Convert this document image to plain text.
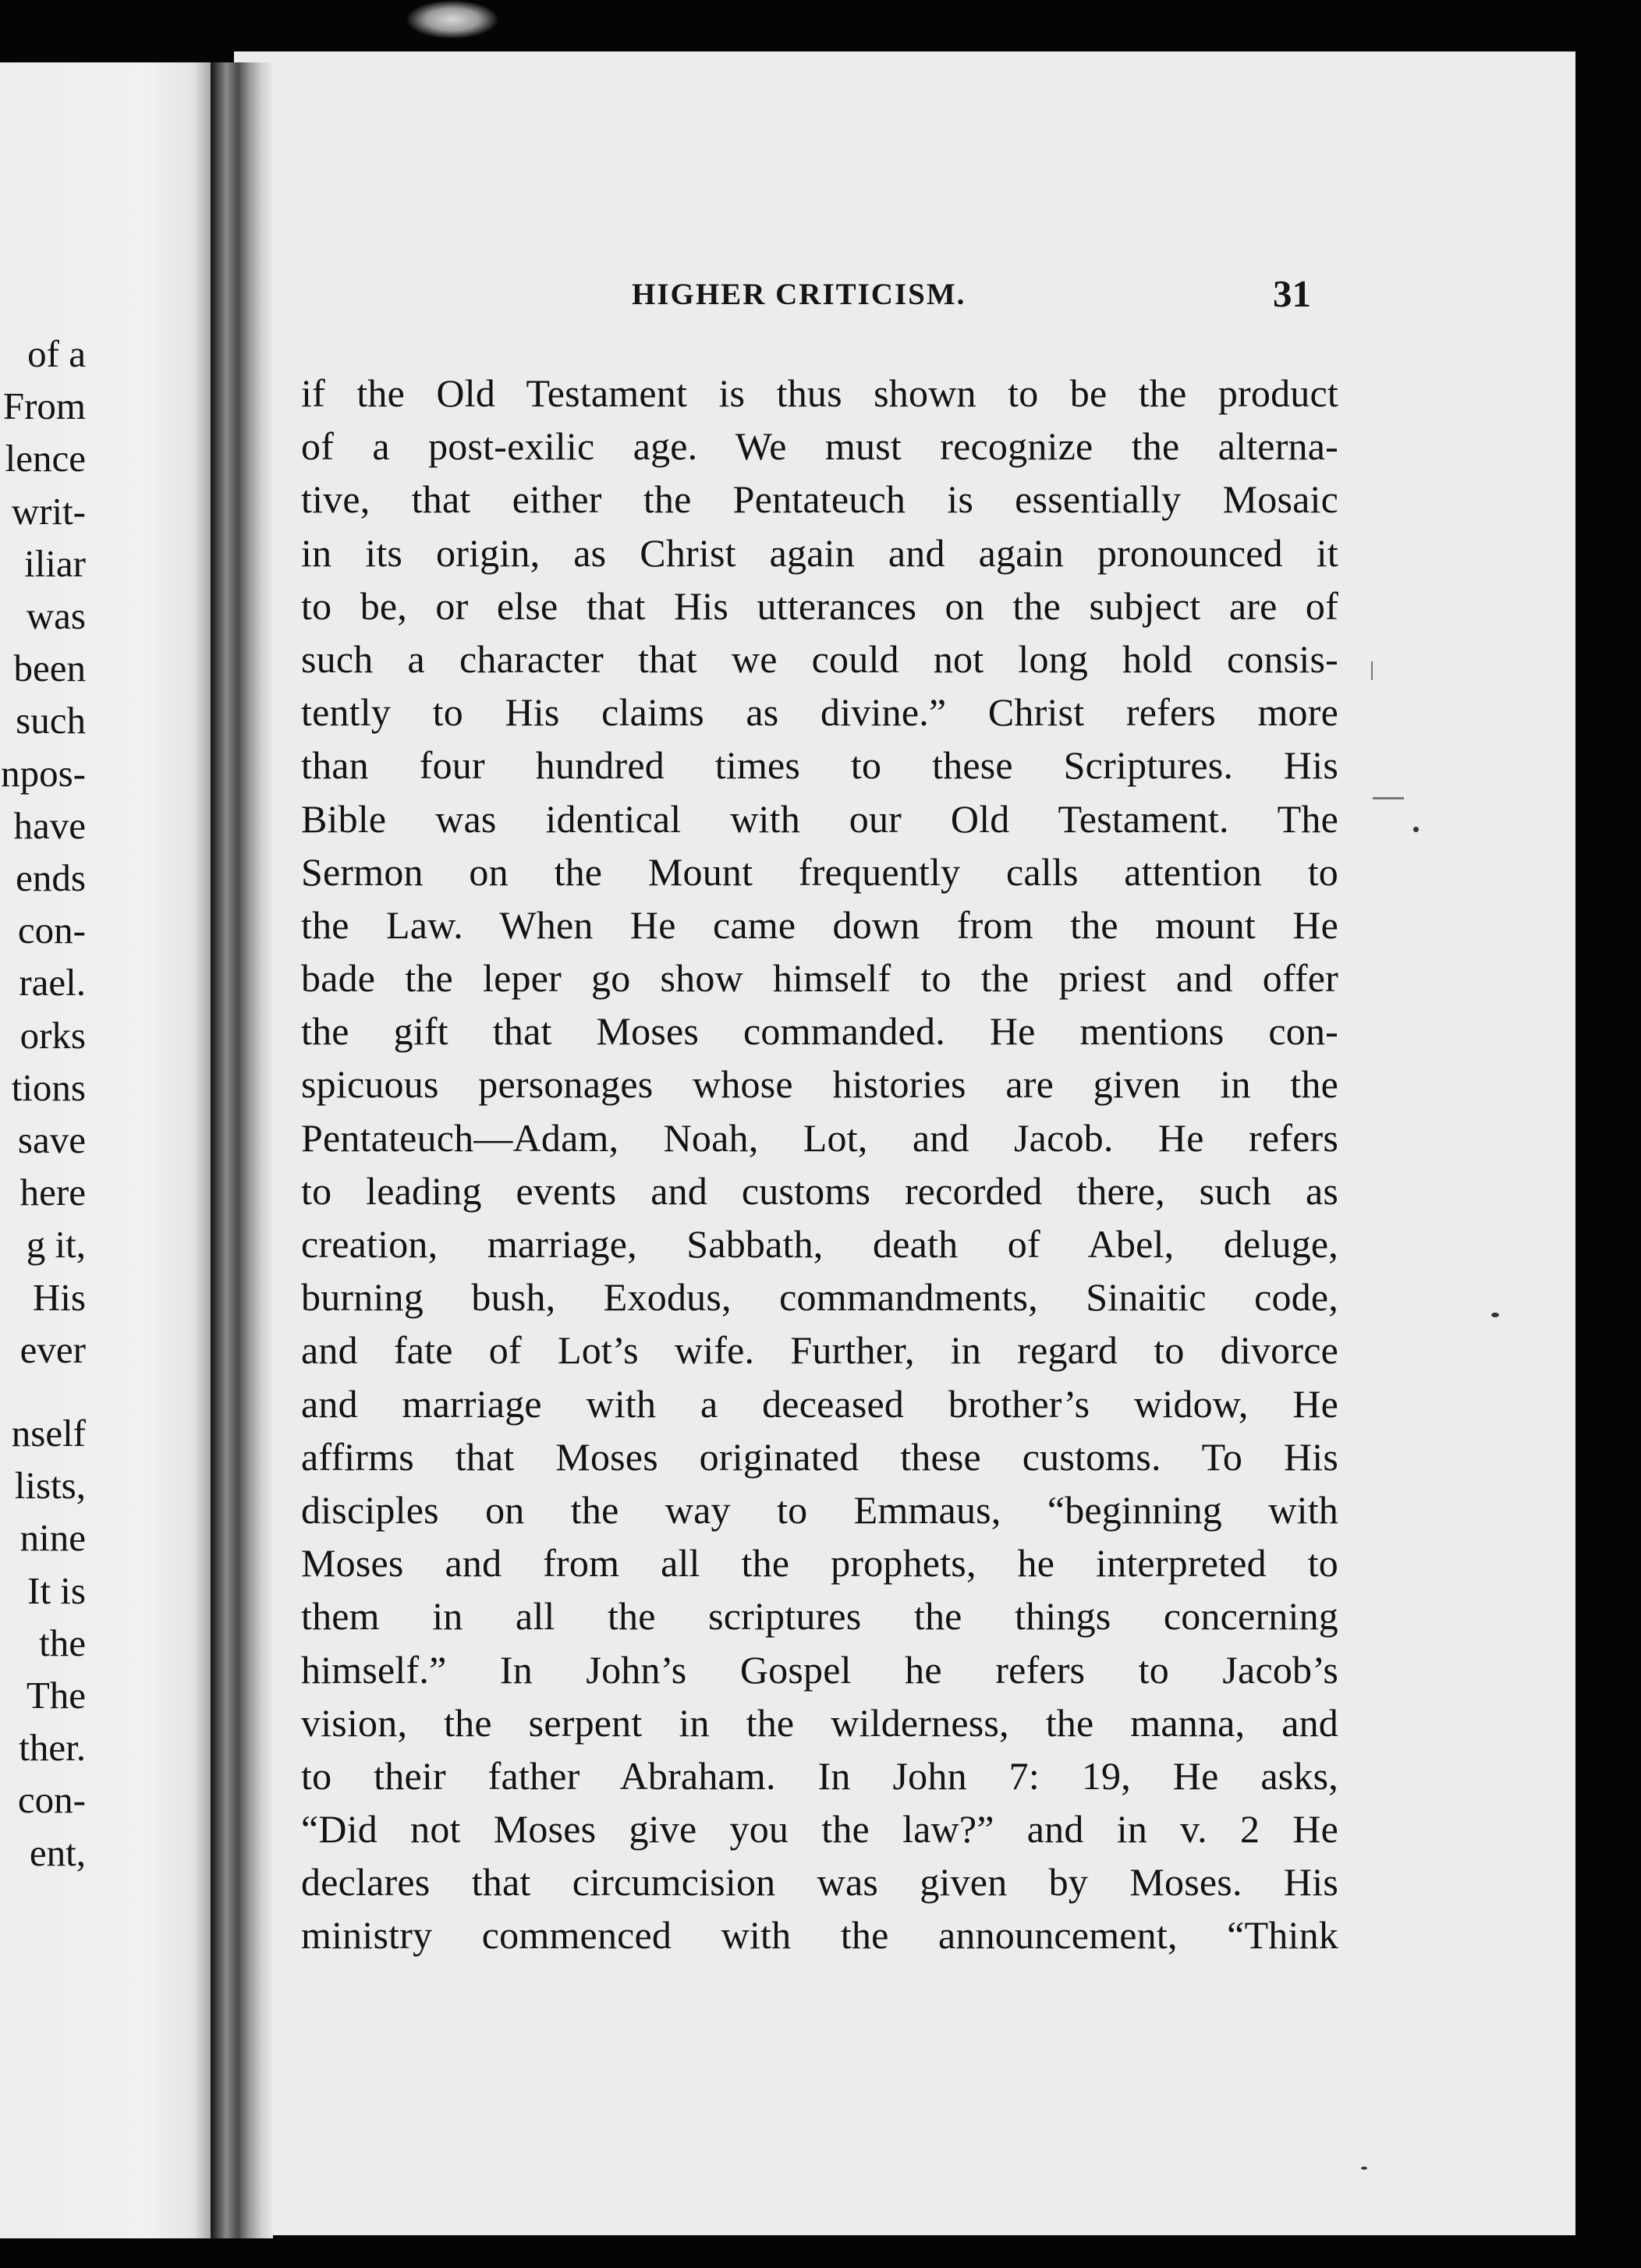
of a
From
lence
writ-
iliar
was
been
such
npos-
have
ends
con-
rael.
orks
tions
save
here
g it,
His
ever
nself
lists,
nine
It is
the
The
ther.
con-
ent,
HIGHER CRITICISM.	31
if the Old Testament is thus shown to be the product
of a post-exilic age. We must recognize the alterna-
tive, that either the Pentateuch is essentially Mosaic
in its origin, as Christ again and again pronounced it
to be, or else that His utterances on the subject are of
such a character that we could not long hold consis-
tently to His claims as divine.” Christ refers more
than four hundred times to these Scriptures. His
Bible was identical with our Old Testament. The
Sermon on the Mount frequently calls attention to
the Law. When He came down from the mount He
bade the leper go show himself to the priest and offer
the gift that Moses commanded. He mentions con-
spicuous personages whose histories are given in the
Pentateuch—Adam, Noah, Lot, and Jacob. He refers
to leading events and customs recorded there, such as
creation, marriage, Sabbath, death of Abel, deluge,
burning bush, Exodus, commandments, Sinaitic code,
and fate of Lot’s wife. Further, in regard to divorce
and marriage with a deceased brother’s widow, He
affirms that Moses originated these customs. To His
disciples on the way to Emmaus, “beginning with
Moses and from all the prophets, he interpreted to
them in all the scriptures the things concerning
himself.” In John’s Gospel he refers to Jacob’s
vision, the serpent in the wilderness, the manna, and
to their father Abraham. In John 7: 19, He asks,
“Did not Moses give you the law?” and in v. 2 He
declares that circumcision was given by Moses. His
ministry commenced with the announcement, “Think
